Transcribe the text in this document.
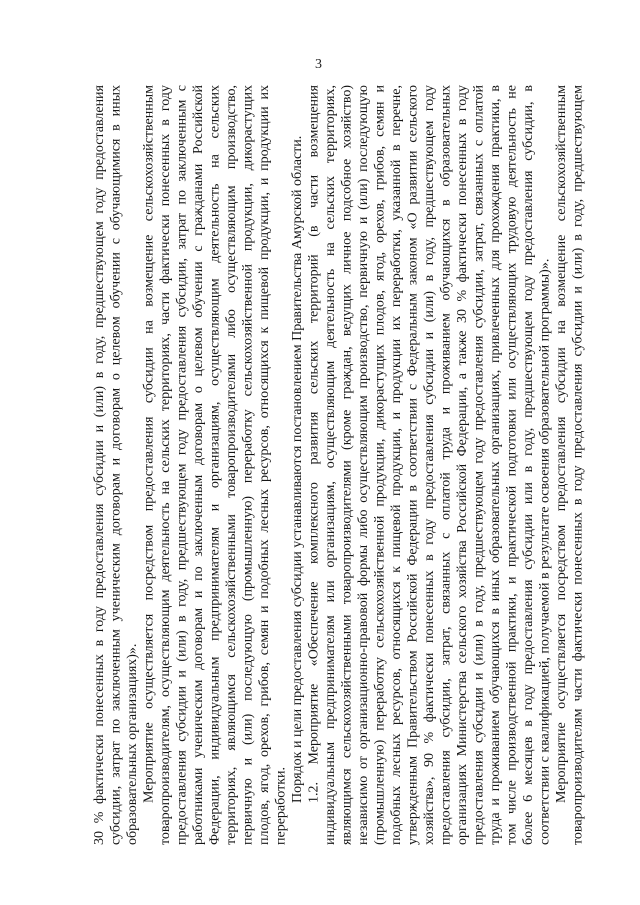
3
30 % фактически понесенных в году предоставления субсидии и (или) в году, предшествующем году предоставления субсидии, затрат по заключенным ученическим договорам и договорам о целевом обучении с обучающимися в иных образовательных организациях)». Мероприятие осуществляется посредством предоставления субсидии на возмещение сельскохозяйственным товаропроизводителям, осуществляющим деятельность на сельских территориях, части фактически понесенных в году предоставления субсидии и (или) в году, предшествующем году предоставления субсидии, затрат по заключенным с работниками ученическим договорам и по заключенным договорам о целевом обучении с гражданами Российской Федерации, индивидуальным предпринимателям и организациям, осуществляющим деятельность на сельских территориях, являющимся сельскохозяйственными товаропроизводителями либо осуществляющим производство, первичную и (или) последующую (промышленную) переработку сельскохозяйственной продукции, дикорастущих плодов, ягод, орехов, грибов, семян и подобных лесных ресурсов, относящихся к пищевой продукции, и продукции их переработки.
Порядок и цели предоставления субсидии устанавливаются постановлением Правительства Амурской области. 1.2. Мероприятие «Обеспечение комплексного развития сельских территорий (в части возмещения индивидуальным предпринимателям или организациям, осуществляющим деятельность на сельских территориях, являющимся сельскохозяйственными товаропроизводителями (кроме граждан, ведущих личное подсобное хозяйство) независимо от организационно-правовой формы либо осуществляющим производство, первичную и (или) последующую (промышленную) переработку сельскохозяйственной продукции, дикорастущих плодов, ягод, орехов, грибов, семян и подобных лесных ресурсов, относящихся к пищевой продукции, и продукции их переработки, указанной в перечне, утвержденным Правительством Российской Федерации в соответствии с Федеральным законом «О развитии сельского хозяйства», 90 % фактически понесенных в году предоставления субсидии и (или) в году, предшествующем году предоставления субсидии, затрат, связанных с оплатой труда и проживанием обучающихся в образовательных организациях Министерства сельского хозяйства Российской Федерации, а также 30 % фактически понесенных в году предоставления субсидии и (или) в году, предшествующем году предоставления субсидии, затрат, связанных с оплатой труда и проживанием обучающихся в иных образовательных организациях, привлеченных для прохождения практики, в том числе производственной практики, и практической подготовки или осуществляющих трудовую деятельность не более 6 месяцев в году предоставления субсидии или в году, предшествующем году предоставления субсидии, в соответствии с квалификацией, получаемой в результате освоения образовательной программы)». Мероприятие осуществляется посредством предоставления субсидии на возмещение сельскохозяйственным товаропроизводителям части фактически понесенных в году предоставления субсидии и (или) в году, предшествующем
